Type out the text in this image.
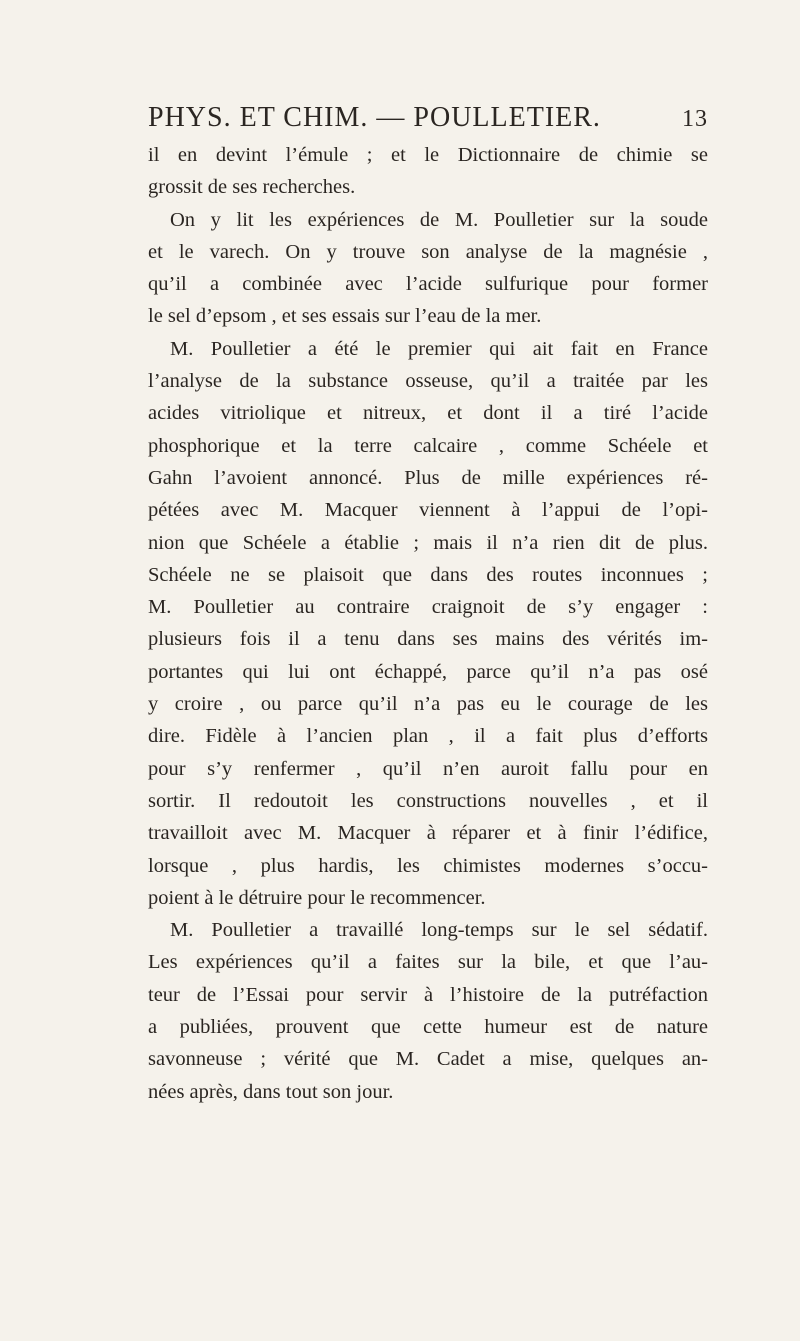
PHYS. ET CHIM. — POULLETIER.	13
il en devint l’émule ; et le Dictionnaire de chimie se
grossit de ses recherches.
On y lit les expériences de M. Poulletier sur la soude
et le varech. On y trouve son analyse de la magnésie ,
qu’il a combinée avec l’acide sulfurique pour former
le sel d’epsom , et ses essais sur l’eau de la mer.
M. Poulletier a été le premier qui ait fait en France
l’analyse de la substance osseuse, qu’il a traitée par les
acides vitriolique et nitreux, et dont il a tiré l’acide
phosphorique et la terre calcaire , comme Schéele et
Gahn l’avoient annoncé. Plus de mille expériences ré-
pétées avec M. Macquer viennent à l’appui de l’opi-
nion que Schéele a établie ; mais il n’a rien dit de plus.
Schéele ne se plaisoit que dans des routes inconnues ;
M. Poulletier au contraire craignoit de s’y engager :
plusieurs fois il a tenu dans ses mains des vérités im-
portantes qui lui ont échappé, parce qu’il n’a pas osé
y croire , ou parce qu’il n’a pas eu le courage de les
dire. Fidèle à l’ancien plan , il a fait plus d’efforts
pour s’y renfermer , qu’il n’en auroit fallu pour en
sortir. Il redoutoit les constructions nouvelles , et il
travailloit avec M. Macquer à réparer et à finir l’édifice,
lorsque , plus hardis, les chimistes modernes s’occu-
poient à le détruire pour le recommencer.
M. Poulletier a travaillé long-temps sur le sel sédatif.
Les expériences qu’il a faites sur la bile, et que l’au-
teur de l’Essai pour servir à l’histoire de la putréfaction
a publiées, prouvent que cette humeur est de nature
savonneuse ; vérité que M. Cadet a mise, quelques an-
nées après, dans tout son jour.
